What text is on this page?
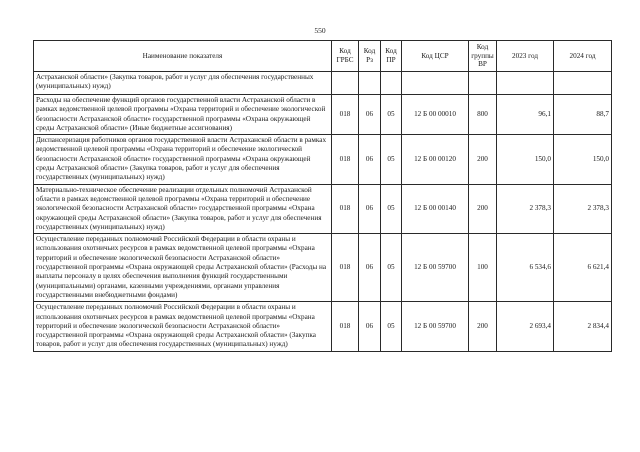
550
Наименование показателя	Код ГРБС	Код Рз	Код ПР	Код ЦСР	Код группы ВР	2023 год	2024 год
Астраханской области» (Закупка товаров, работ и услуг для обеспечения государственных (муниципальных) нужд)							
Расходы на обеспечение функций органов государственной власти Астраханской области в рамках ведомственной целевой программы «Охрана территорий и обеспечение экологической безопасности Астраханской области» государственной программы «Охрана окружающей среды Астраханской области» (Иные бюджетные ассигнования)	018	06	05	12 Б 00 00010	800	96,1	88,7
Диспансеризация работников органов государственной власти Астраханской области в рамках ведомственной целевой программы «Охрана территорий и обеспечение экологической безопасности Астраханской области» государственной программы «Охрана окружающей среды Астраханской области» (Закупка товаров, работ и услуг для обеспечения государственных (муниципальных) нужд)	018	06	05	12 Б 00 00120	200	150,0	150,0
Материально-техническое обеспечение реализации отдельных полномочий Астраханской области в рамках ведомственной целевой программы «Охрана территорий и обеспечение экологической безопасности Астраханской области» государственной программы «Охрана окружающей среды Астраханской области» (Закупка товаров, работ и услуг для обеспечения государственных (муниципальных) нужд)	018	06	05	12 Б 00 00140	200	2 378,3	2 378,3
Осуществление переданных полномочий Российской Федерации в области охраны и использования охотничьих ресурсов в рамках ведомственной целевой программы «Охрана территорий и обеспечение экологической безопасности Астраханской области» государственной программы «Охрана окружающей среды Астраханской области» (Расходы на выплаты персоналу в целях обеспечения выполнения функций государственными (муниципальными) органами, казенными учреждениями, органами управления государственными внебюджетными фондами)	018	06	05	12 Б 00 59700	100	6 534,6	6 621,4
Осуществление переданных полномочий Российской Федерации в области охраны и использования охотничьих ресурсов в рамках ведомственной целевой программы «Охрана территорий и обеспечение экологической безопасности Астраханской области» государственной программы «Охрана окружающей среды Астраханской области» (Закупка товаров, работ и услуг для обеспечения государственных (муниципальных) нужд)	018	06	05	12 Б 00 59700	200	2 693,4	2 834,4
